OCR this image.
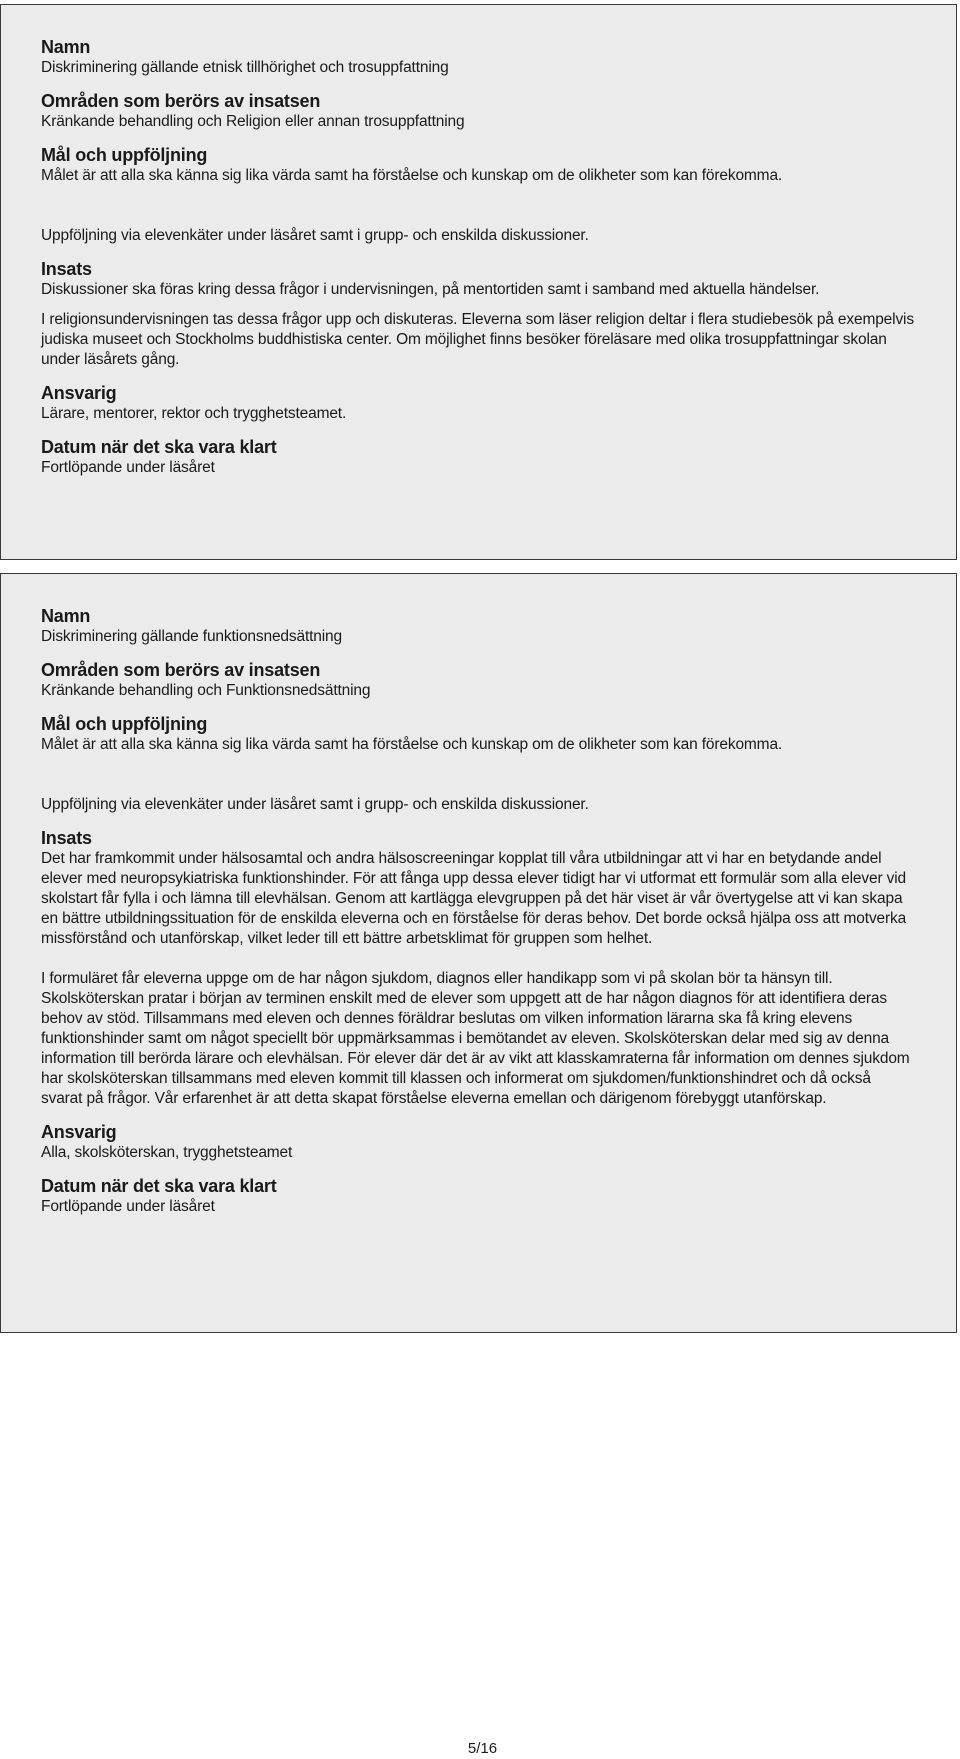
Namn

Diskriminering gällande etnisk tillhörighet och trosuppfattning

Områden som berörs av insatsen

Kränkande behandling och Religion eller annan trosuppfattning

Mål och uppföljning

Målet är att alla ska känna sig lika värda samt ha förståelse och kunskap om de olikheter som kan förekomma.

Uppföljning via elevenkäter under läsåret samt i grupp- och enskilda diskussioner.

Insats

Diskussioner ska föras kring dessa frågor i undervisningen, på mentortiden samt i samband med aktuella händelser.

I religionsundervisningen tas dessa frågor upp och diskuteras. Eleverna som läser religion deltar i flera studiebesök på exempelvis judiska museet och Stockholms buddhistiska center. Om möjlighet finns besöker föreläsare med olika trosuppfattningar skolan under läsårets gång.

Ansvarig

Lärare, mentorer, rektor och trygghetsteamet.

Datum när det ska vara klart

Fortlöpande under läsåret

Namn

Diskriminering gällande funktionsnedsättning

Områden som berörs av insatsen

Kränkande behandling och Funktionsnedsättning

Mål och uppföljning

Målet är att alla ska känna sig lika värda samt ha förståelse och kunskap om de olikheter som kan förekomma.

Uppföljning via elevenkäter under läsåret samt i grupp- och enskilda diskussioner.

Insats

Det har framkommit under hälsosamtal och andra hälsoscreeningar kopplat till våra utbildningar att vi har en betydande andel elever med neuropsykiatriska funktionshinder. För att fånga upp dessa elever tidigt har vi utformat ett formulär som alla elever vid skolstart får fylla i och lämna till elevhälsan. Genom att kartlägga elevgruppen på det här viset är vår övertygelse att vi kan skapa en bättre utbildningssituation för de enskilda eleverna och en förståelse för deras behov. Det borde också hjälpa oss att motverka missförstånd och utanförskap, vilket leder till ett bättre arbetsklimat för gruppen som helhet.

I formuläret får eleverna uppge om de har någon sjukdom, diagnos eller handikapp som vi på skolan bör ta hänsyn till. Skolsköterskan pratar i början av terminen enskilt med de elever som uppgett att de har någon diagnos för att identifiera deras behov av stöd. Tillsammans med eleven och dennes föräldrar beslutas om vilken information lärarna ska få kring elevens funktionshinder samt om något speciellt bör uppmärksammas i bemötandet av eleven. Skolsköterskan delar med sig av denna information till berörda lärare och elevhälsan. För elever där det är av vikt att klasskamraterna får information om dennes sjukdom har skolsköterskan tillsammans med eleven kommit till klassen och informerat om sjukdomen/funktionshindret och då också svarat på frågor. Vår erfarenhet är att detta skapat förståelse eleverna emellan och därigenom förebyggt utanförskap.

Ansvarig

Alla, skolsköterskan, trygghetsteamet

Datum när det ska vara klart

Fortlöpande under läsåret

5/16
